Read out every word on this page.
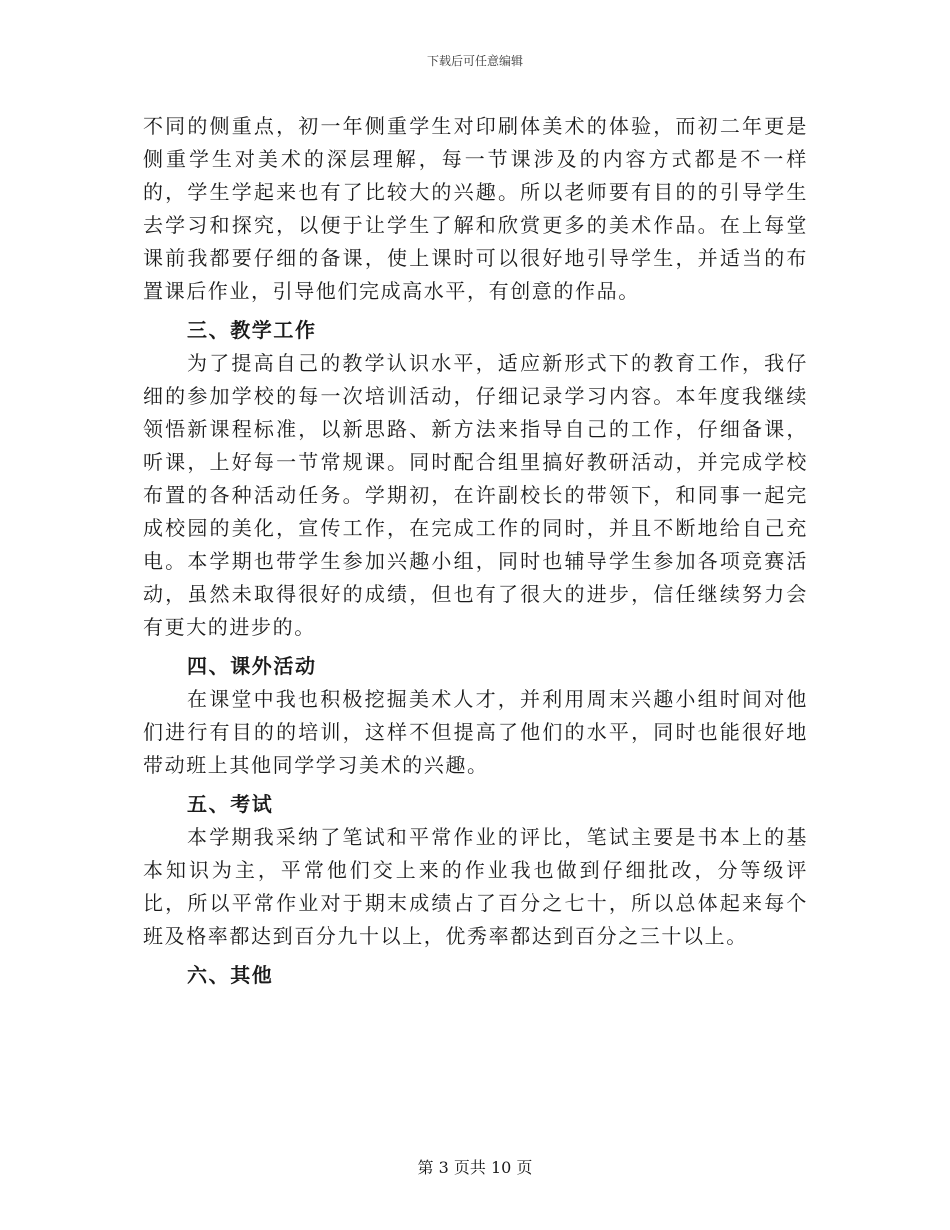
下载后可任意编辑

不同的侧重点，初一年侧重学生对印刷体美术的体验，而初二年更是侧重学生对美术的深层理解，每一节课涉及的内容方式都是不一样的，学生学起来也有了比较大的兴趣。所以老师要有目的的引导学生去学习和探究，以便于让学生了解和欣赏更多的美术作品。在上每堂课前我都要仔细的备课，使上课时可以很好地引导学生，并适当的布置课后作业，引导他们完成高水平，有创意的作品。

三、教学工作

为了提高自己的教学认识水平，适应新形式下的教育工作，我仔细的参加学校的每一次培训活动，仔细记录学习内容。本年度我继续领悟新课程标准，以新思路、新方法来指导自己的工作，仔细备课，听课，上好每一节常规课。同时配合组里搞好教研活动，并完成学校布置的各种活动任务。学期初，在许副校长的带领下，和同事一起完成校园的美化，宣传工作，在完成工作的同时，并且不断地给自己充电。本学期也带学生参加兴趣小组，同时也辅导学生参加各项竞赛活动，虽然未取得很好的成绩，但也有了很大的进步，信任继续努力会有更大的进步的。

四、课外活动

在课堂中我也积极挖掘美术人才，并利用周末兴趣小组时间对他们进行有目的的培训，这样不但提高了他们的水平，同时也能很好地带动班上其他同学学习美术的兴趣。

五、考试

本学期我采纳了笔试和平常作业的评比，笔试主要是书本上的基本知识为主，平常他们交上来的作业我也做到仔细批改，分等级评比，所以平常作业对于期末成绩占了百分之七十，所以总体起来每个班及格率都达到百分九十以上，优秀率都达到百分之三十以上。

六、其他

第 3 页共 10 页
